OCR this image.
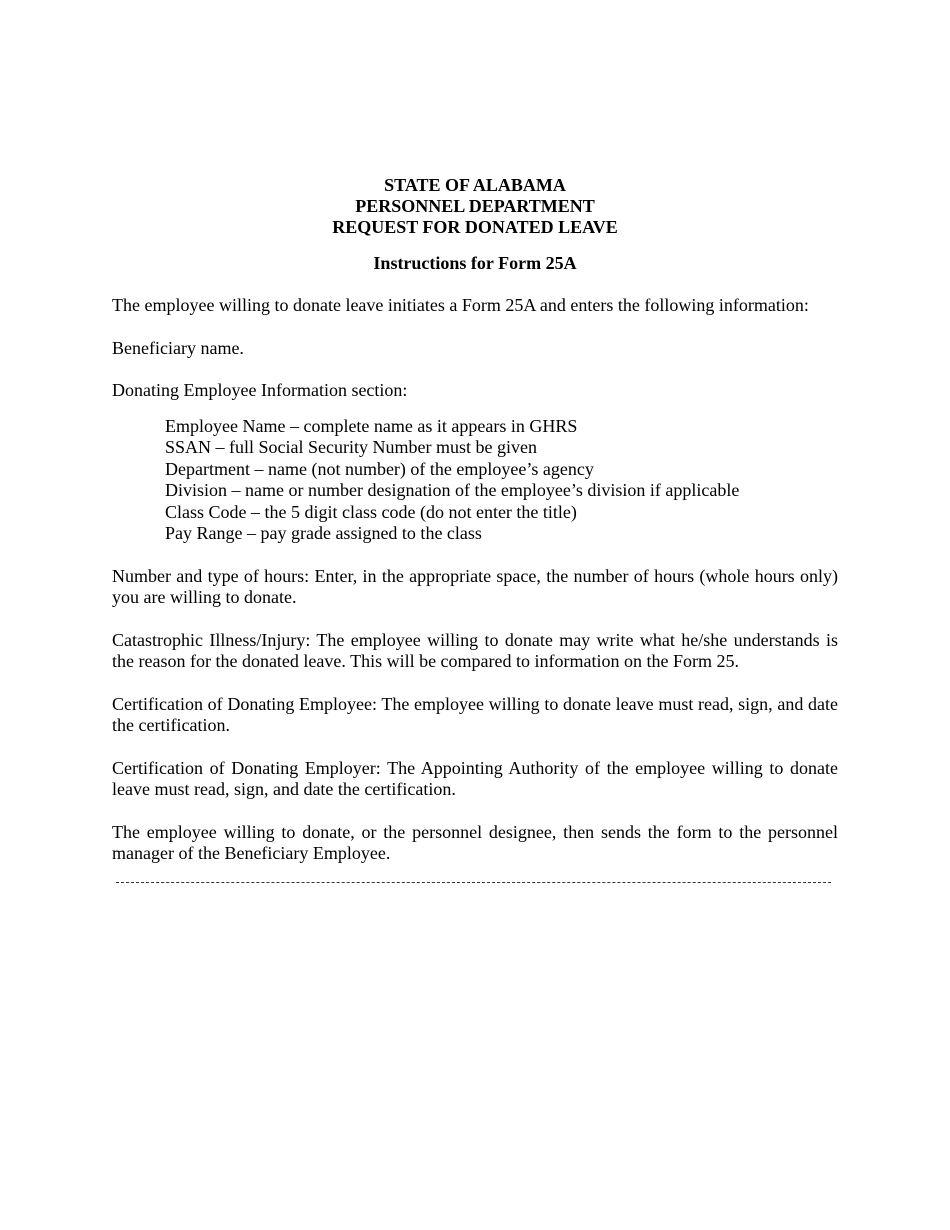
STATE OF ALABAMA
PERSONNEL DEPARTMENT
REQUEST FOR DONATED LEAVE
Instructions for Form 25A

The employee willing to donate leave initiates a Form 25A and enters the following information:

Beneficiary name.

Donating Employee Information section:

Employee Name – complete name as it appears in GHRS
SSAN – full Social Security Number must be given
Department – name (not number) of the employee’s agency
Division – name or number designation of the employee’s division if applicable
Class Code – the 5 digit class code (do not enter the title)
Pay Range – pay grade assigned to the class

Number and type of hours: Enter, in the appropriate space, the number of hours (whole hours only) you are willing to donate.

Catastrophic Illness/Injury: The employee willing to donate may write what he/she understands is the reason for the donated leave. This will be compared to information on the Form 25.

Certification of Donating Employee: The employee willing to donate leave must read, sign, and date the certification.

Certification of Donating Employer: The Appointing Authority of the employee willing to donate leave must read, sign, and date the certification.

The employee willing to donate, or the personnel designee, then sends the form to the personnel manager of the Beneficiary Employee.
